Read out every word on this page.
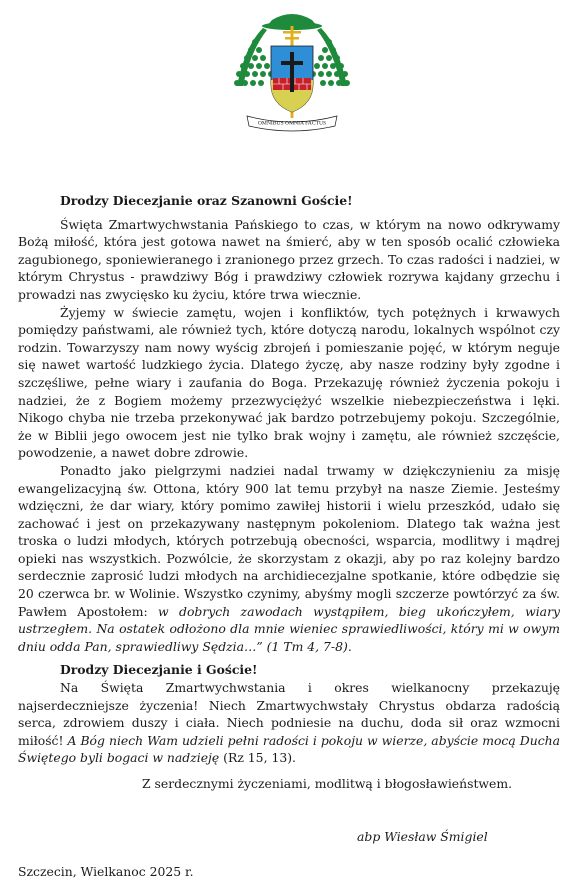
OMNIBUS OMNIA FACTUS

Drodzy Diecezjanie oraz Szanowni Goście!

Święta Zmartwychwstania Pańskiego to czas, w którym na nowo odkrywamy Bożą miłość, która jest gotowa nawet na śmierć, aby w ten sposób ocalić człowieka zagubionego, sponiewieranego i zranionego przez grzech. To czas radości i nadziei, w którym Chrystus - prawdziwy Bóg i prawdziwy człowiek rozrywa kajdany grzechu i prowadzi nas zwycięsko ku życiu, które trwa wiecznie.

Żyjemy w świecie zamętu, wojen i konfliktów, tych potężnych i krwawych pomiędzy państwami, ale również tych, które dotyczą narodu, lokalnych wspólnot czy rodzin. Towarzyszy nam nowy wyścig zbrojeń i pomieszanie pojęć, w którym neguje się nawet wartość ludzkiego życia. Dlatego życzę, aby nasze rodziny były zgodne i szczęśliwe, pełne wiary i zaufania do Boga. Przekazuję również życzenia pokoju i nadziei, że z Bogiem możemy przezwyciężyć wszelkie niebezpieczeństwa i lęki. Nikogo chyba nie trzeba przekonywać jak bardzo potrzebujemy pokoju. Szczególnie, że w Biblii jego owocem jest nie tylko brak wojny i zamętu, ale również szczęście, powodzenie, a nawet dobre zdrowie.

Ponadto jako pielgrzymi nadziei nadal trwamy w dziękczynieniu za misję ewangelizacyjną św. Ottona, który 900 lat temu przybył na nasze Ziemie. Jesteśmy wdzięczni, że dar wiary, który pomimo zawiłej historii i wielu przeszkód, udało się zachować i jest on przekazywany następnym pokoleniom. Dlatego tak ważna jest troska o ludzi młodych, których potrzebują obecności, wsparcia, modlitwy i mądrej opieki nas wszystkich. Pozwólcie, że skorzystam z okazji, aby po raz kolejny bardzo serdecznie zaprosić ludzi młodych na archidiecezjalne spotkanie, które odbędzie się 20 czerwca br. w Wolinie. Wszystko czynimy, abyśmy mogli szczerze powtórzyć za św. Pawłem Apostołem: w dobrych zawodach wystąpiłem, bieg ukończyłem, wiary ustrzegłem. Na ostatek odłożono dla mnie wieniec sprawiedliwości, który mi w owym dniu odda Pan, sprawiedliwy Sędzia…” (1 Tm 4, 7-8).

Drodzy Diecezjanie i Goście!

Na Święta Zmartwychwstania i okres wielkanocny przekazuję najserdeczniejsze życzenia! Niech Zmartwychwstały Chrystus obdarza radością serca, zdrowiem duszy i ciała. Niech podniesie na duchu, doda sił oraz wzmocni miłość! A Bóg niech Wam udzieli pełni radości i pokoju w wierze, abyście mocą Ducha Świętego byli bogaci w nadzieję (Rz 15, 13).

Z serdecznymi życzeniami, modlitwą i błogosławieństwem.

abp Wiesław Śmigiel
Szczecin, Wielkanoc 2025 r.
